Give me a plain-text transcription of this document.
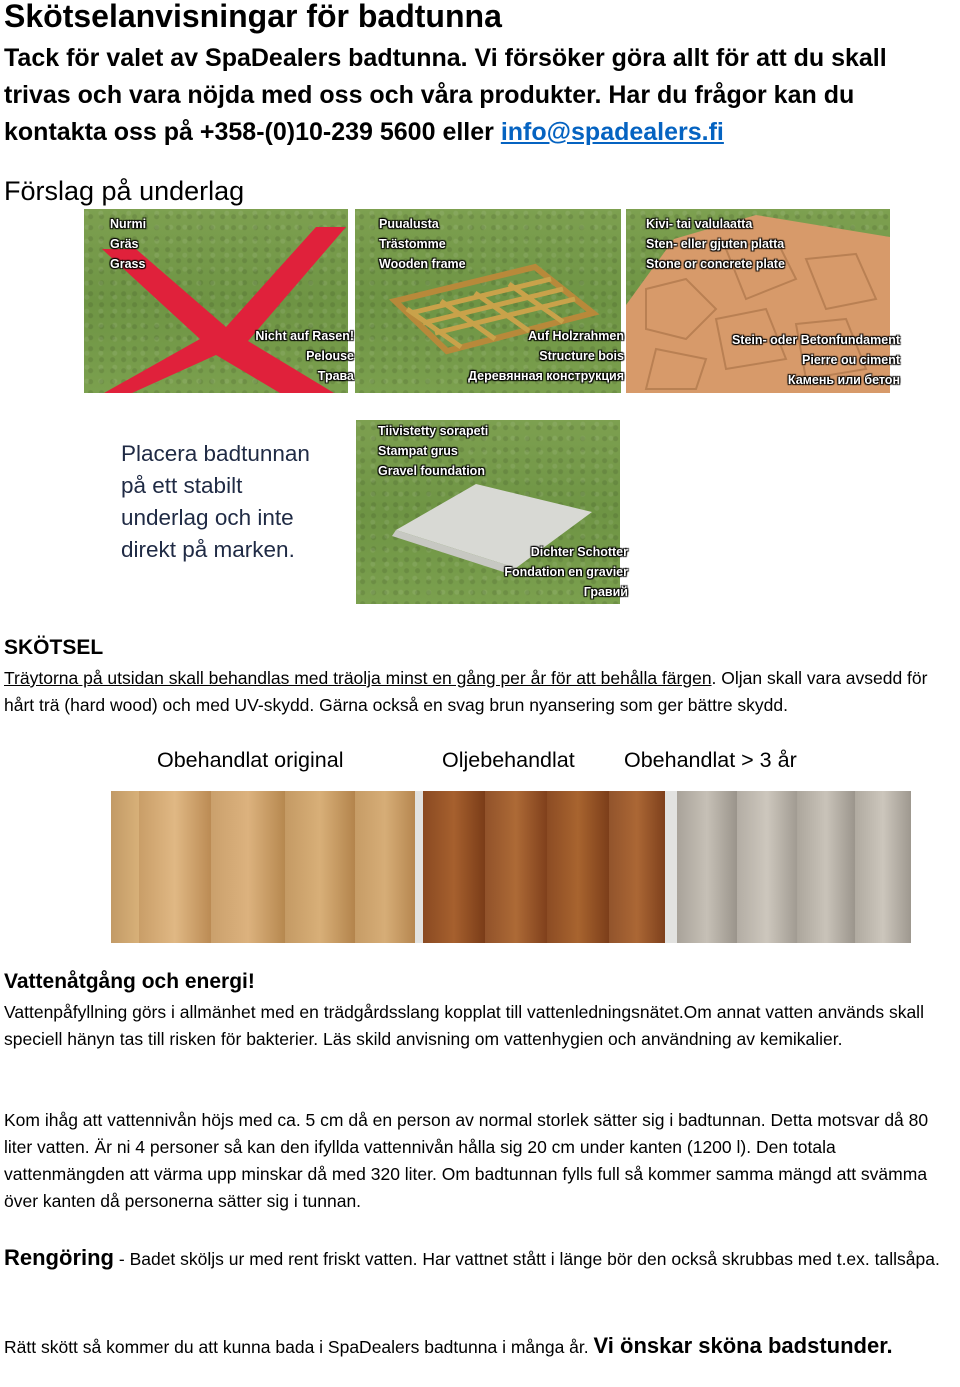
Skötselanvisningar för badtunna

Tack för valet av SpaDealers badtunna. Vi försöker göra allt för att du skall trivas och vara nöjda med oss och våra produkter. Har du frågor kan du kontakta oss på +358-(0)10-239 5600 eller info@spadealers.fi

Förslag på underlag
Nurmi
Gräs
Grass
Nicht auf Rasen!
Pelouse
Трава
Puualusta
Trästomme
Wooden frame
Auf Holzrahmen
Structure bois
Деревянная конструкция
Kivi- tai valulaatta
Sten- eller gjuten platta
Stone or concrete plate
Stein- oder Betonfundament
Pierre ou ciment
Камень или бетон
Placera badtunnan
på ett stabilt
underlag och inte
direkt på marken.
Tiivistetty sorapeti
Stampat grus
Gravel foundation
Dichter Schotter
Fondation en gravier
Гравий
SKÖTSEL

Träytorna på utsidan skall behandlas med träolja minst en gång per år för att behålla färgen. Oljan skall vara avsedd för hårt trä (hard wood) och med UV-skydd. Gärna också en svag brun nyansering som ger bättre skydd.

Obehandlat original	Oljebehandlat Obehandlat > 3 år
Vattenåtgång och energi!

Vattenpåfyllning görs i allmänhet med en trädgårdsslang kopplat till vattenledningsnätet.Om annat vatten används skall speciell hänyn tas till risken för bakterier. Läs skild anvisning om vattenhygien och användning av kemikalier.

Kom ihåg att vattennivån höjs med ca. 5 cm då en person av normal storlek sätter sig i badtunnan. Detta motsvar då 80 liter vatten. Är ni 4 personer så kan den ifyllda vattennivån hålla sig 20 cm under kanten (1200 l). Den totala vattenmängden att värma upp minskar då med 320 liter. Om badtunnan fylls full så kommer samma mängd att svämma över kanten då personerna sätter sig i tunnan.

Rengöring - Badet sköljs ur med rent friskt vatten. Har vattnet stått i länge bör den också skrubbas med t.ex. tallsåpa.

Rätt skött så kommer du att kunna bada i SpaDealers badtunna i många år. Vi önskar sköna badstunder.
